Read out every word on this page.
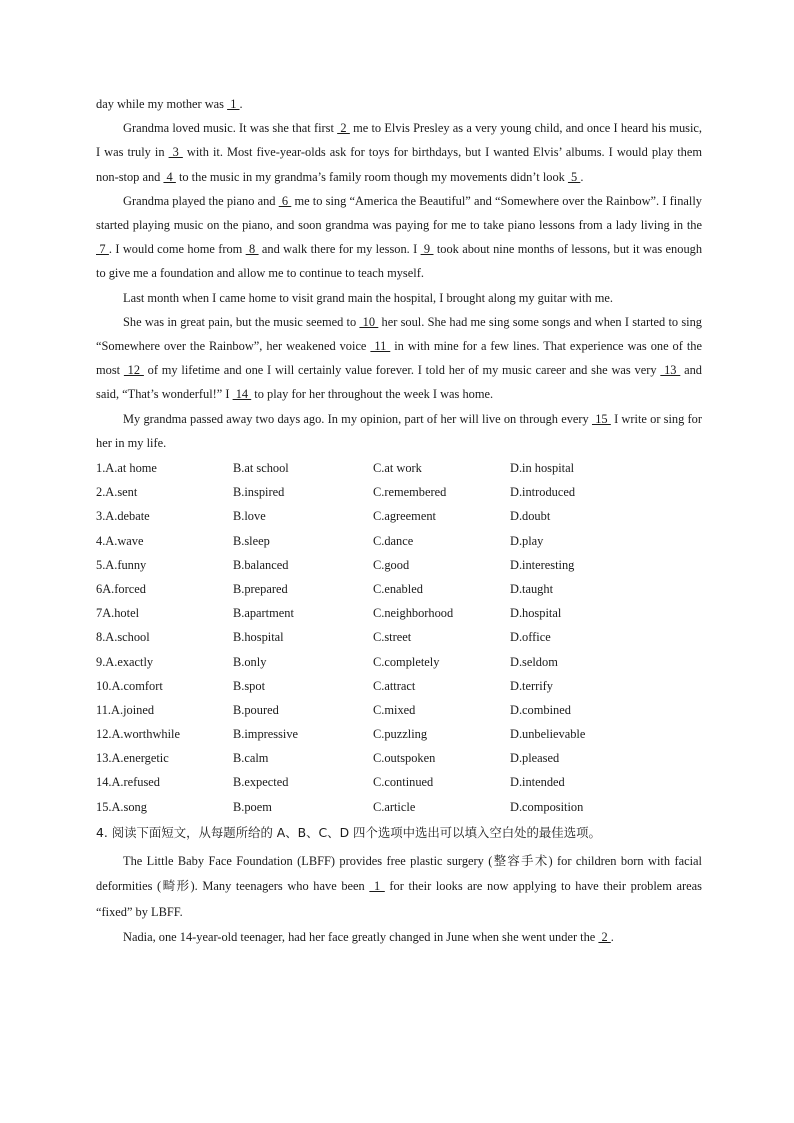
day while my mother was  1 .

Grandma loved music. It was she that first  2  me to Elvis Presley as a very young child, and once I heard his music, I was truly in  3  with it. Most five-year-olds ask for toys for birthdays, but I wanted Elvis’ albums. I would play them non-stop and  4  to the music in my grandma’s family room though my movements didn’t look  5 .

Grandma played the piano and  6  me to sing “America the Beautiful” and “Somewhere over the Rainbow”. I finally started playing music on the piano, and soon grandma was paying for me to take piano lessons from a lady living in the  7 . I would come home from  8  and walk there for my lesson. I  9  took about nine months of lessons, but it was enough to give me a foundation and allow me to continue to teach myself.

Last month when I came home to visit grand main the hospital, I brought along my guitar with me.

She was in great pain, but the music seemed to  10  her soul. She had me sing some songs and when I started to sing “Somewhere over the Rainbow”, her weakened voice  11  in with mine for a few lines. That experience was one of the most  12  of my lifetime and one I will certainly value forever. I told her of my music career and she was very  13  and said, “That’s wonderful!” I  14  to play for her throughout the week I was home.

My grandma passed away two days ago. In my opinion, part of her will live on through every  15  I write or sing for her in my life.

1.A.at home	B.at school	C.at work	D.in hospital
2.A.sent	B.inspired	C.remembered	D.introduced
3.A.debate	B.love	C.agreement	D.doubt
4.A.wave	B.sleep	C.dance	D.play
5.A.funny	B.balanced	C.good	D.interesting
6A.forced	B.prepared	C.enabled	D.taught
7A.hotel	B.apartment	C.neighborhood	D.hospital
8.A.school	B.hospital	C.street	D.office
9.A.exactly	B.only	C.completely	D.seldom
10.A.comfort	B.spot	C.attract	D.terrify
11.A.joined	B.poured	C.mixed	D.combined
12.A.worthwhile	B.impressive	C.puzzling	D.unbelievable
13.A.energetic	B.calm	C.outspoken	D.pleased
14.A.refused	B.expected	C.continued	D.intended
15.A.song	B.poem	C.article	D.composition

4. 阅读下面短文，从每题所给的 A、B、C、D 四个选项中选出可以填入空白处的最佳选项。

The Little Baby Face Foundation (LBFF) provides free plastic surgery (整容手术) for children born with facial deformities (畸形). Many teenagers who have been  1  for their looks are now applying to have their problem areas “fixed” by LBFF.

Nadia, one 14-year-old teenager, had her face greatly changed in June when she went under the  2 .
